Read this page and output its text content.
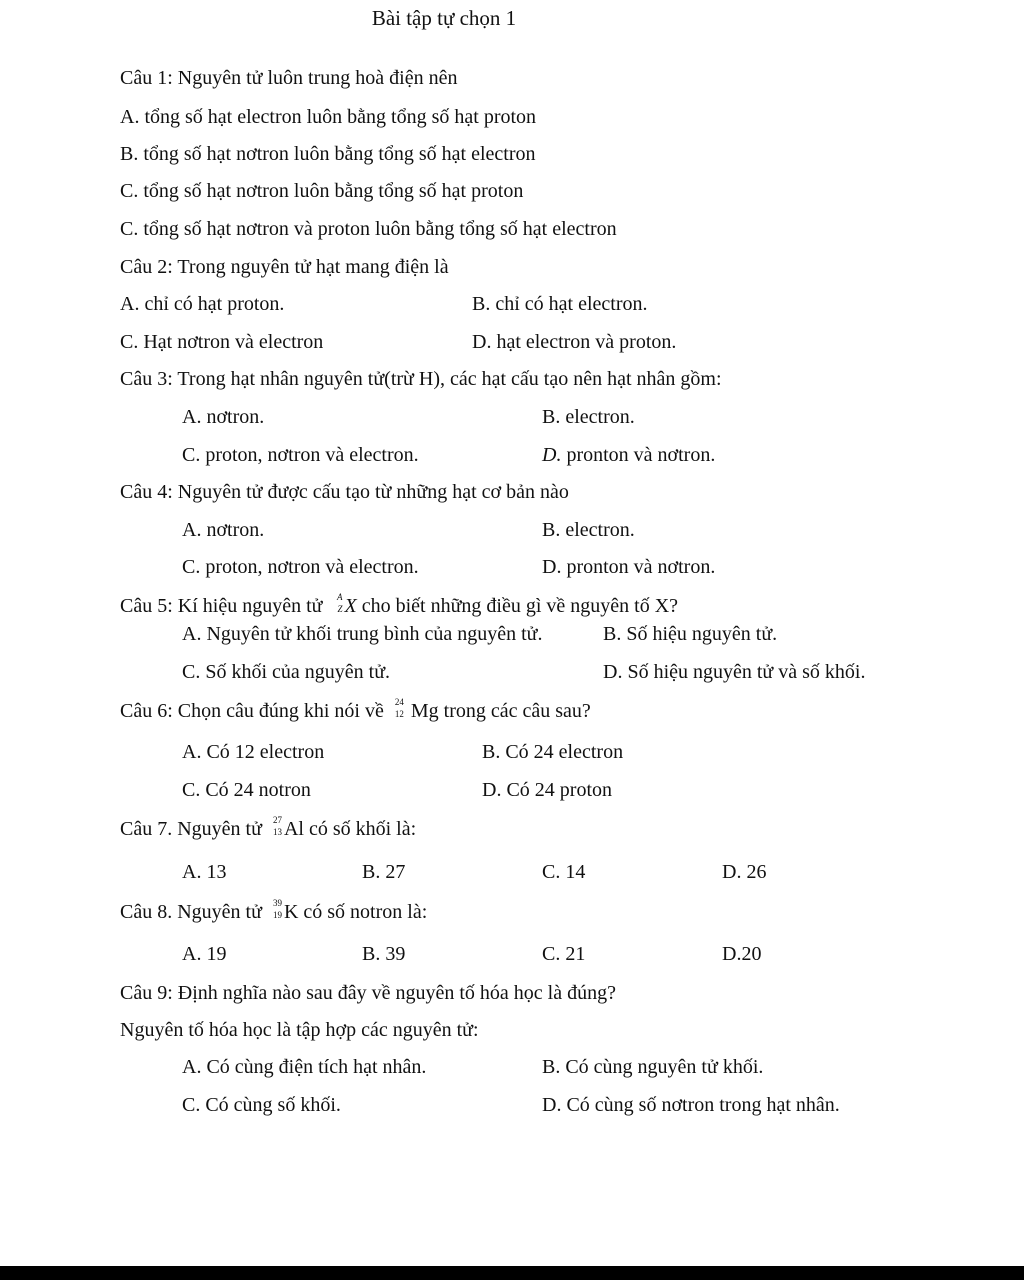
Bài tập tự chọn 1
Câu 1: Nguyên tử luôn trung hoà điện nên
A. tổng số hạt electron luôn bằng tổng số hạt proton
B. tổng số hạt nơtron luôn bằng tổng số hạt electron
C. tổng số hạt nơtron luôn bằng tổng số hạt proton
C. tổng số hạt nơtron và proton luôn bằng tổng số hạt electron
Câu 2: Trong nguyên tử hạt mang điện là
A. chỉ có hạt proton.	B. chỉ có hạt electron.
C. Hạt nơtron và electron	D. hạt electron và proton.
Câu 3: Trong hạt nhân nguyên tử(trừ H), các hạt cấu tạo nên hạt nhân gồm:
A. nơtron.	B. electron.
C. proton, nơtron và electron.	D. pronton và nơtron.
Câu 4: Nguyên tử được cấu tạo từ những hạt cơ bản nào
A. nơtron.	B. electron.
C. proton, nơtron và electron.	D. pronton và nơtron.
Câu 5: Kí hiệu nguyên tử A
Z X cho biết những điều gì về nguyên tố X?
A. Nguyên tử khối trung bình của nguyên tử.	B. Số hiệu nguyên tử.
C. Số khối của nguyên tử.	D. Số hiệu nguyên tử và số khối.
Câu 6: Chọn câu đúng khi nói về 24
12 Mg trong các câu sau?
A. Có 12 electron	B. Có 24 electron
C. Có 24 notron	D. Có 24 proton
Câu 7. Nguyên tử 27
13 Al có số khối là:
A. 13	B. 27	C. 14	D. 26
Câu 8. Nguyên tử 39
19 K có số notron là:
A. 19	B. 39	C. 21	D.20
Câu 9: Định nghĩa nào sau đây về nguyên tố hóa học là đúng?
Nguyên tố hóa học là tập hợp các nguyên tử:
A. Có cùng điện tích hạt nhân.	B. Có cùng nguyên tử khối.
C. Có cùng số khối.	D. Có cùng số nơtron trong hạt nhân.
